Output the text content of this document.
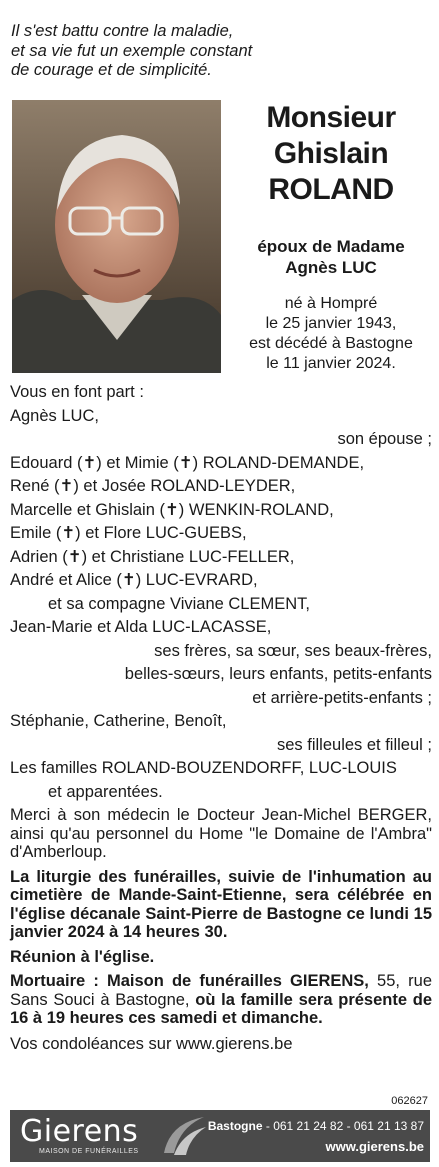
Il s'est battu contre la maladie,
et sa vie fut un exemple constant
de courage et de simplicité.
Monsieur
Ghislain
ROLAND
époux de Madame
Agnès LUC
né à Hompré
le 25 janvier 1943,
est décédé à Bastogne
le 11 janvier 2024.
Vous en font part :
Agnès LUC,
son épouse ;
Edouard (✝) et Mimie (✝) ROLAND-DEMANDE,
René (✝) et Josée ROLAND-LEYDER,
Marcelle et Ghislain (✝) WENKIN-ROLAND,
Emile (✝) et Flore LUC-GUEBS,
Adrien (✝) et Christiane LUC-FELLER,
André et Alice (✝) LUC-EVRARD,
et sa compagne Viviane CLEMENT,
Jean-Marie et Alda LUC-LACASSE,
ses frères, sa sœur, ses beaux-frères,
belles-sœurs, leurs enfants, petits-enfants
et arrière-petits-enfants ;
Stéphanie, Catherine, Benoît,
ses filleules et filleul ;
Les familles ROLAND-BOUZENDORFF, LUC-LOUIS
et apparentées.
Merci à son médecin le Docteur Jean-Michel BERGER, ainsi qu'au personnel du Home "le Domaine de l'Ambra" d'Amberloup.
La liturgie des funérailles, suivie de l'inhumation au cimetière de Mande-Saint-Etienne, sera célébrée en l'église décanale Saint-Pierre de Bastogne ce lundi 15 janvier 2024 à 14 heures 30.
Réunion à l'église.
Mortuaire : Maison de funérailles GIERENS, 55, rue Sans Souci à Bastogne, où la famille sera présente de 16 à 19 heures ces samedi et dimanche.
Vos condoléances sur www.gierens.be
062627
Gierens
MAISON DE FUNÉRAILLES
Bastogne - 061 21 24 82 - 061 21 13 87
www.gierens.be
